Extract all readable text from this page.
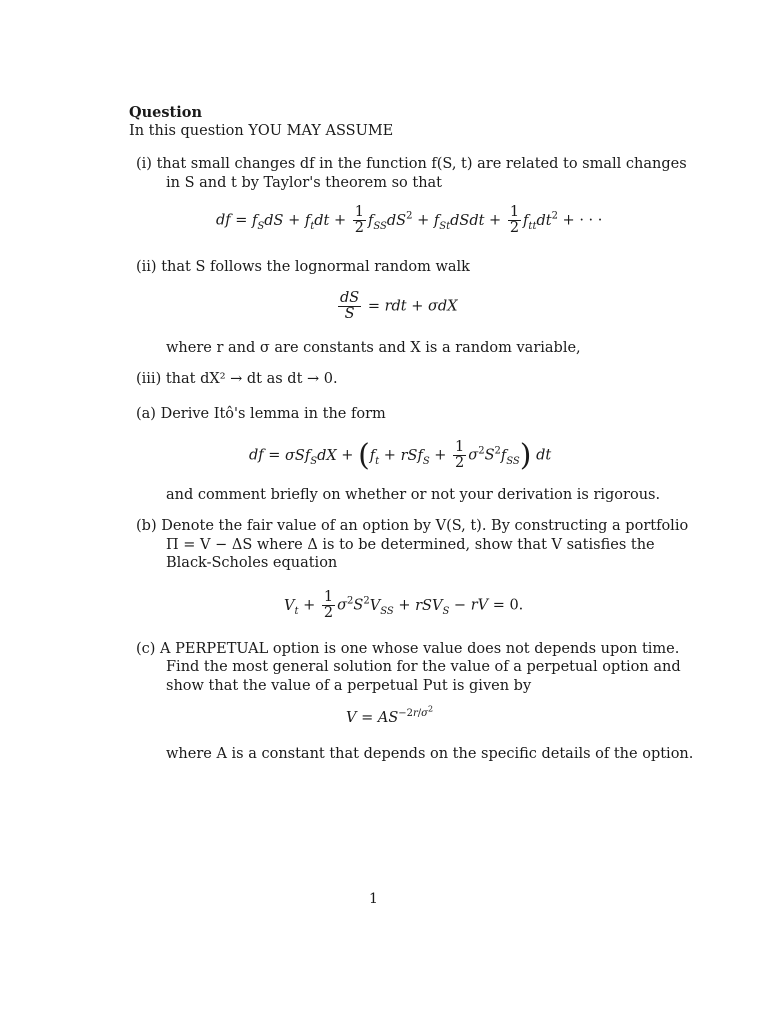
Question
In this question YOU MAY ASSUME
(i) that small changes df in the function f(S, t) are related to small changes
in S and t by Taylor's theorem so that
df = $f_SdS + f_tdt + \frac{1}{2} f_{SS}dS^2$ + $f_{St}dSdt + \frac{1}{2} f_{tt}dt^2$ + · · ·
(ii) that S follows the lognormal random walk
$\frac{dS}{S}$ = rdt + σdX
where r and σ are constants and X is a random variable,
(iii) that dX² → dt as dt → 0.
(a) Derive Itô's lemma in the form
df = $\sigma Sf_SdX + (f_t + rSf_S + \frac{1}{2} \sigma^2S^2f_{SS})$ dt
and comment briefly on whether or not your derivation is rigorous.
(b) Denote the fair value of an option by V(S, t). By constructing a portfolio
Π = V − ΔS where Δ is to be determined, show that V satisfies the
Black-Scholes equation
$V_t + \frac{1}{2} \sigma^2S^2V_{SS} + rSV_S$ − rV = 0.
(c) A PERPETUAL option is one whose value does not depends upon time.
Find the most general solution for the value of a perpetual option and
show that the value of a perpetual Put is given by
$V = AS^{-2r/\sigma^2}$
where A is a constant that depends on the specific details of the option.
1
